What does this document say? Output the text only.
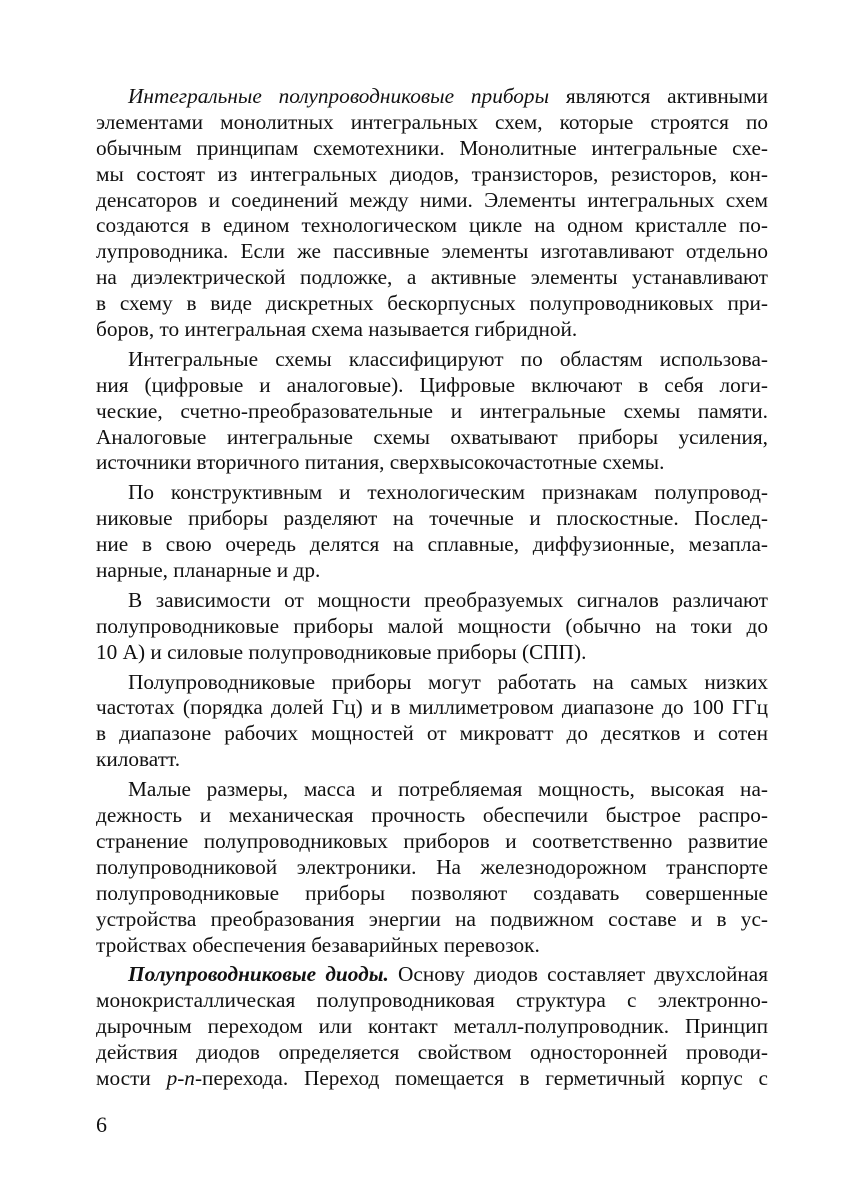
Интегральные полупроводниковые приборы являются активными
элементами монолитных интегральных схем, которые строятся по
обычным принципам схемотехники. Монолитные интегральные схе-
мы состоят из интегральных диодов, транзисторов, резисторов, кон-
денсаторов и соединений между ними. Элементы интегральных схем
создаются в едином технологическом цикле на одном кристалле по-
лупроводника. Если же пассивные элементы изготавливают отдельно
на диэлектрической подложке, а активные элементы устанавливают
в схему в виде дискретных бескорпусных полупроводниковых при-
боров, то интегральная схема называется гибридной.
Интегральные схемы классифицируют по областям использова-
ния (цифровые и аналоговые). Цифровые включают в себя логи-
ческие, счетно-преобразовательные и интегральные схемы памяти.
Аналоговые интегральные схемы охватывают приборы усиления,
источники вторичного питания, сверхвысокочастотные схемы.
По конструктивным и технологическим признакам полупровод-
никовые приборы разделяют на точечные и плоскостные. Послед-
ние в свою очередь делятся на сплавные, диффузионные, мезапла-
нарные, планарные и др.
В зависимости от мощности преобразуемых сигналов различают
полупроводниковые приборы малой мощности (обычно на токи до
10 А) и силовые полупроводниковые приборы (СПП).
Полупроводниковые приборы могут работать на самых низких
частотах (порядка долей Гц) и в миллиметровом диапазоне до 100 ГГц
в диапазоне рабочих мощностей от микроватт до десятков и сотен
киловатт.
Малые размеры, масса и потребляемая мощность, высокая на-
дежность и механическая прочность обеспечили быстрое распро-
странение полупроводниковых приборов и соответственно развитие
полупроводниковой электроники. На железнодорожном транспорте
полупроводниковые приборы позволяют создавать совершенные
устройства преобразования энергии на подвижном составе и в ус-
тройствах обеспечения безаварийных перевозок.
Полупроводниковые диоды. Основу диодов составляет двухслойная
монокристаллическая полупроводниковая структура с электронно-
дырочным переходом или контакт металл-полупроводник. Принцип
действия диодов определяется свойством односторонней проводи-
мости p-n-перехода. Переход помещается в герметичный корпус с
6
